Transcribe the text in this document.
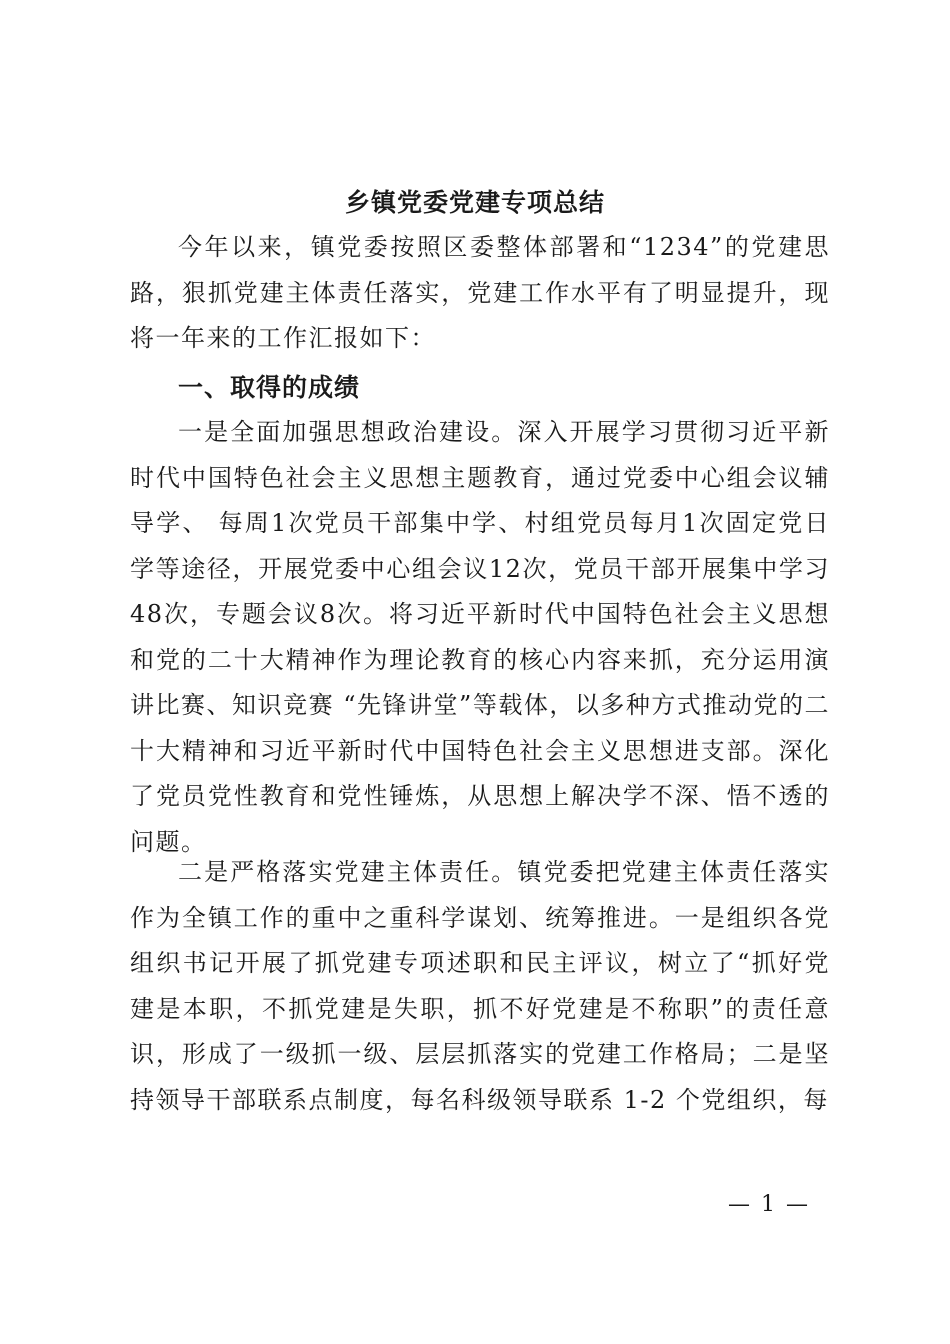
乡镇党委党建专项总结

今年以来，镇党委按照区委整体部署和“1234”的党建思路，狠抓党建主体责任落实，党建工作水平有了明显提升，现将一年来的工作汇报如下：

一、取得的成绩

一是全面加强思想政治建设。深入开展学习贯彻习近平新时代中国特色社会主义思想主题教育，通过党委中心组会议辅导学、 每周1次党员干部集中学、村组党员每月1次固定党日学等途径，开展党委中心组会议12次，党员干部开展集中学习48次，专题会议8次。将习近平新时代中国特色社会主义思想和党的二十大精神作为理论教育的核心内容来抓，充分运用演讲比赛、知识竞赛 “先锋讲堂”等载体，以多种方式推动党的二十大精神和习近平新时代中国特色社会主义思想进支部。深化了党员党性教育和党性锤炼，从思想上解决学不深、悟不透的问题。

二是严格落实党建主体责任。镇党委把党建主体责任落实作为全镇工作的重中之重科学谋划、统筹推进。一是组织各党组织书记开展了抓党建专项述职和民主评议，树立了“抓好党建是本职，不抓党建是失职，抓不好党建是不称职”的责任意识，形成了一级抓一级、层层抓落实的党建工作格局；二是坚持领导干部联系点制度，每名科级领导联系 1-2 个党组织，每

— 1 —
